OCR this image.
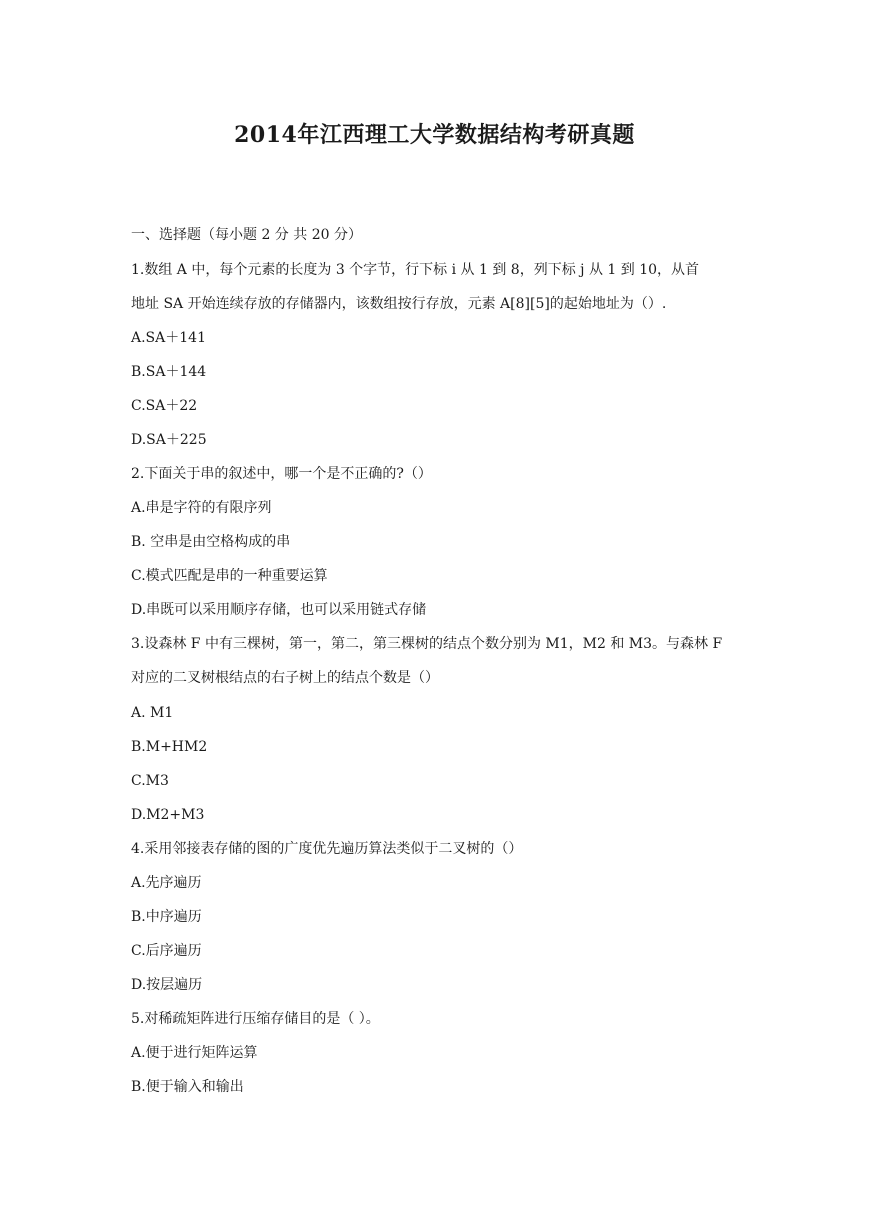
2014年江西理工大学数据结构考研真题
一、选择题（每小题 2 分 共 20 分）
1.数组 A 中，每个元素的长度为 3 个字节，行下标 i 从 1 到 8，列下标 j 从 1 到 10，从首
地址 SA 开始连续存放的存储器内，该数组按行存放，元素 A[8][5]的起始地址为（）.
A.SA＋141
B.SA＋144
C.SA＋22
D.SA＋225
2.下面关于串的叙述中，哪一个是不正确的?（）
A.串是字符的有限序列
B. 空串是由空格构成的串
C.模式匹配是串的一种重要运算
D.串既可以采用顺序存储，也可以采用链式存储
3.设森林 F 中有三棵树，第一，第二，第三棵树的结点个数分别为 M1，M2 和 M3。与森林 F
对应的二叉树根结点的右子树上的结点个数是（）
A. M1
B.M+HM2
C.M3
D.M2+M3
4.采用邻接表存储的图的广度优先遍历算法类似于二叉树的（）
A.先序遍历
B.中序遍历
C.后序遍历
D.按层遍历
5.对稀疏矩阵进行压缩存储目的是（ ）。
A.便于进行矩阵运算
B.便于输入和输出
